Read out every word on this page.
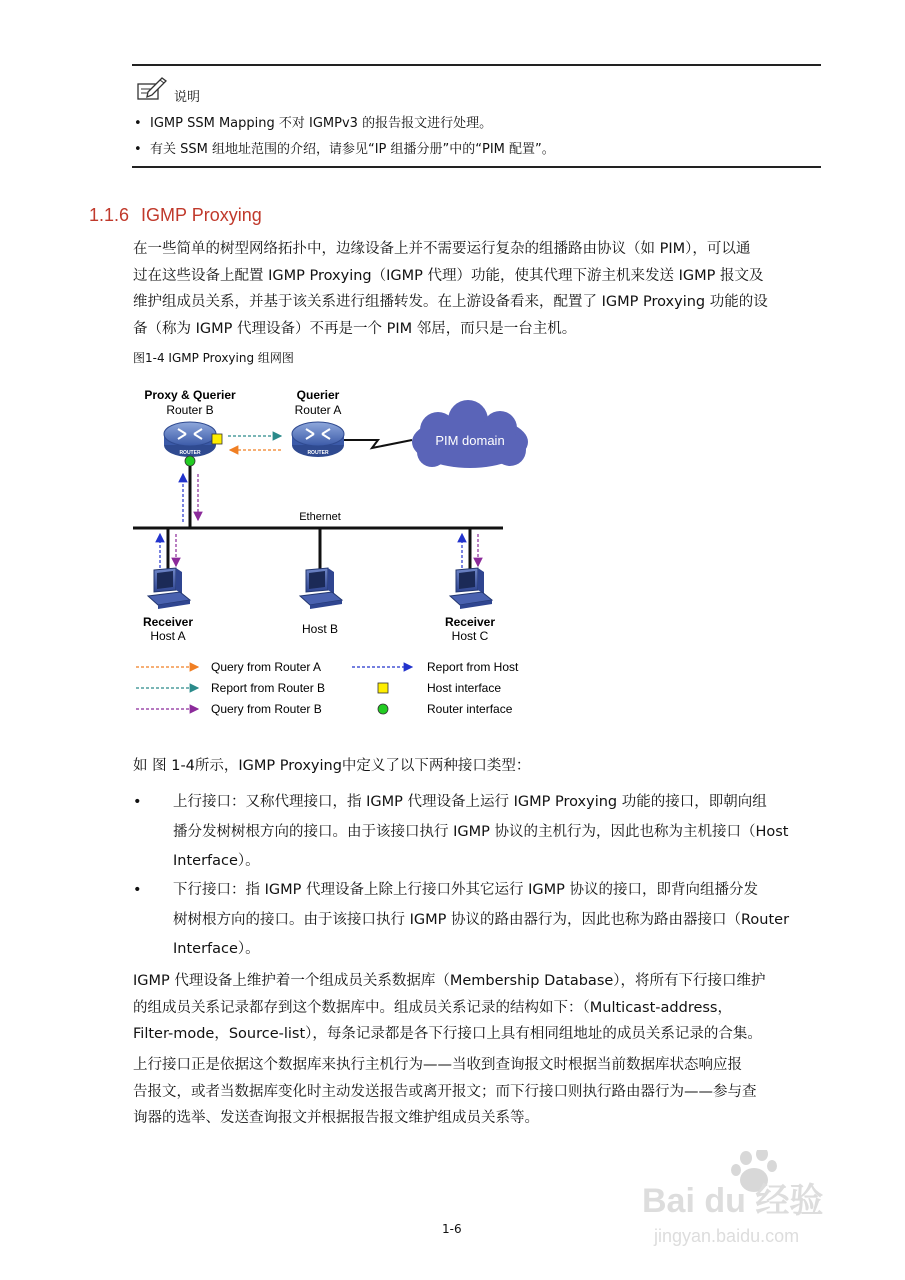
说明
• IGMP SSM Mapping 不对 IGMPv3 的报告报文进行处理。
• 有关 SSM 组地址范围的介绍，请参见“IP 组播分册”中的“PIM 配置”。
1.1.6 IGMP Proxying
在一些简单的树型网络拓扑中，边缘设备上并不需要运行复杂的组播路由协议（如 PIM），可以通
过在这些设备上配置 IGMP Proxying（IGMP 代理）功能，使其代理下游主机来发送 IGMP 报文及
维护组成员关系，并基于该关系进行组播转发。在上游设备看来，配置了 IGMP Proxying 功能的设
备（称为 IGMP 代理设备）不再是一个 PIM 邻居，而只是一台主机。
图1-4 IGMP Proxying 组网图
Proxy & Querier
Router B
Querier
Router A
ROUTER	ROUTER
PIM domain
Ethernet
Receiver
Host A	Host B	Receiver
Host C
Query from Router A
Report from Router B
Query from Router B
Report from Host
Host interface
Router interface
如 图 1-4所示，IGMP Proxying中定义了以下两种接口类型：
•	上行接口：又称代理接口，指 IGMP 代理设备上运行 IGMP Proxying 功能的接口，即朝向组
播分发树树根方向的接口。由于该接口执行 IGMP 协议的主机行为，因此也称为主机接口（Host
Interface）。
•	下行接口：指 IGMP 代理设备上除上行接口外其它运行 IGMP 协议的接口，即背向组播分发
树树根方向的接口。由于该接口执行 IGMP 协议的路由器行为，因此也称为路由器接口（Router
Interface）。
IGMP 代理设备上维护着一个组成员关系数据库（Membership Database），将所有下行接口维护
的组成员关系记录都存到这个数据库中。组成员关系记录的结构如下：（Multicast-address，
Filter-mode，Source-list），每条记录都是各下行接口上具有相同组地址的成员关系记录的合集。
上行接口正是依据这个数据库来执行主机行为——当收到查询报文时根据当前数据库状态响应报
告报文，或者当数据库变化时主动发送报告或离开报文；而下行接口则执行路由器行为——参与查
询器的选举、发送查询报文并根据报告报文维护组成员关系等。
1-6
Bai du 经验
jingyan.baidu.com
